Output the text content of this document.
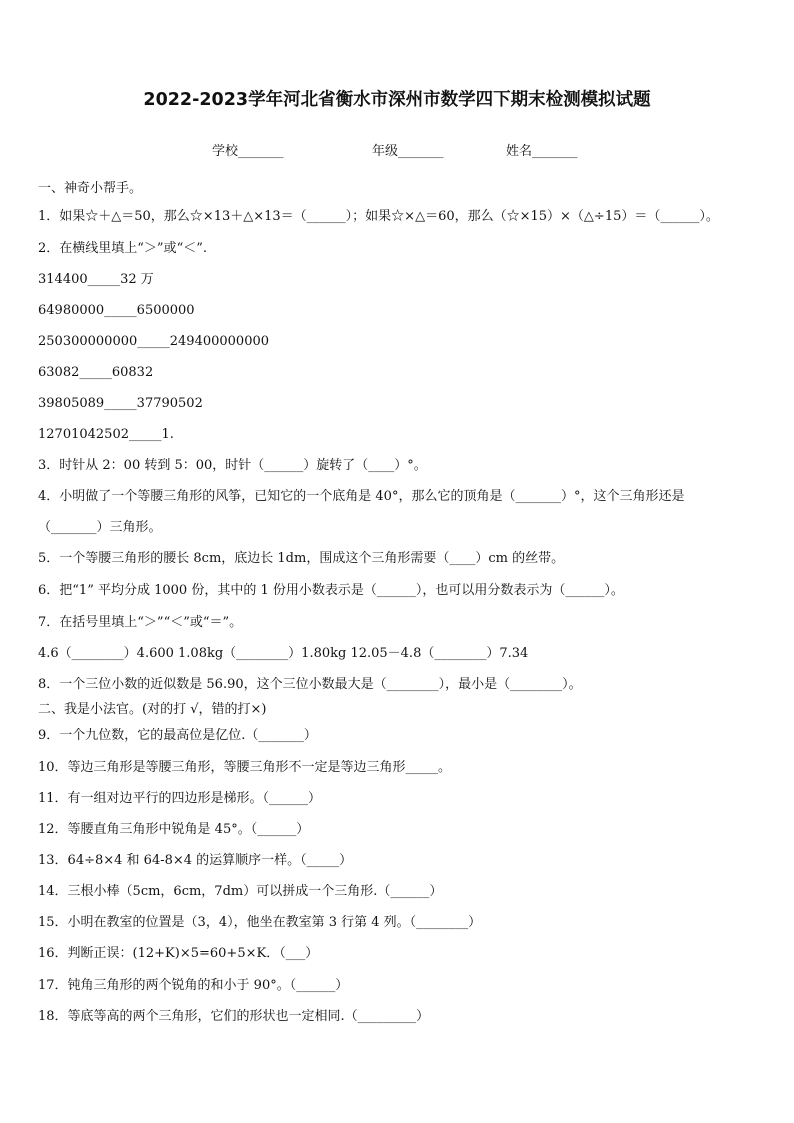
2022-2023学年河北省衡水市深州市数学四下期末检测模拟试题
学校_______	年级_______	姓名_______
一、神奇小帮手。
1．如果☆＋△＝50，那么☆×13＋△×13＝（______）；如果☆×△＝60，那么（☆×15）×（△÷15）＝（______）。
2．在横线里填上“＞”或“＜”.
314400_____32 万
64980000_____6500000
250300000000_____249400000000
63082_____60832
39805089_____37790502
12701042502_____1.
3．时针从 2：00 转到 5：00，时针（______）旋转了（____）°。
4．小明做了一个等腰三角形的风筝，已知它的一个底角是 40°，那么它的顶角是（_______）°，这个三角形还是
（_______）三角形。
5．一个等腰三角形的腰长 8cm，底边长 1dm，围成这个三角形需要（____）cm 的丝带。
6．把“1” 平均分成 1000 份，其中的 1 份用小数表示是（______），也可以用分数表示为（______）。
7．在括号里填上“＞”“＜”或“＝”。
4.6（________）4.600 1.08kg（________）1.80kg 12.05－4.8（________）7.34
8．一个三位小数的近似数是 56.90，这个三位小数最大是（________），最小是（________）。
二、我是小法官。(对的打 √，错的打×)
9．一个九位数，它的最高位是亿位.（_______）
10．等边三角形是等腰三角形，等腰三角形不一定是等边三角形_____。
11．有一组对边平行的四边形是梯形。（______）
12．等腰直角三角形中锐角是 45°。（______）
13．64÷8×4 和 64-8×4 的运算顺序一样。（_____）
14．三根小棒（5cm，6cm，7dm）可以拼成一个三角形.（______）
15．小明在教室的位置是（3，4），他坐在教室第 3 行第 4 列。（________）
16．判断正误：(12+K)×5=60+5×K．（___）
17．钝角三角形的两个锐角的和小于 90°。（______）
18．等底等高的两个三角形，它们的形状也一定相同.（_________）
